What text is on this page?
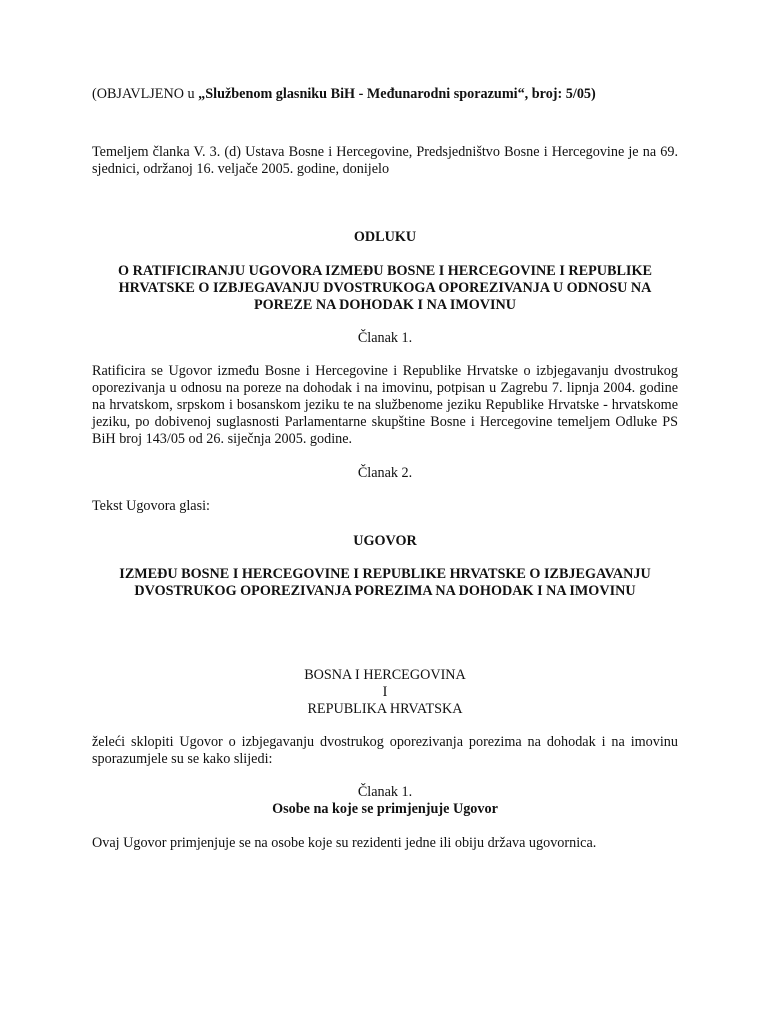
(OBJAVLJENO u „Službenom glasniku BiH - Međunarodni sporazumi“, broj: 5/05)

Temeljem članka V. 3. (d) Ustava Bosne i Hercegovine, Predsjedništvo Bosne i Hercegovine je na 69. sjednici, održanoj 16. veljače 2005. godine, donijelo

ODLUKU

O RATIFICIRANJU UGOVORA IZMEĐU BOSNE I HERCEGOVINE I REPUBLIKE HRVATSKE O IZBJEGAVANJU DVOSTRUKOGA OPOREZIVANJA U ODNOSU NA POREZE NA DOHODAK I NA IMOVINU

Članak 1.

Ratificira se Ugovor između Bosne i Hercegovine i Republike Hrvatske o izbjegavanju dvostrukog oporezivanja u odnosu na poreze na dohodak i na imovinu, potpisan u Zagrebu 7. lipnja 2004. godine na hrvatskom, srpskom i bosanskom jeziku te na službenome jeziku Republike Hrvatske - hrvatskome jeziku, po dobivenoj suglasnosti Parlamentarne skupštine Bosne i Hercegovine temeljem Odluke PS BiH broj 143/05 od 26. siječnja 2005. godine.

Članak 2.

Tekst Ugovora glasi:

UGOVOR

IZMEĐU BOSNE I HERCEGOVINE I REPUBLIKE HRVATSKE O IZBJEGAVANJU DVOSTRUKOG OPOREZIVANJA POREZIMA NA DOHODAK I NA IMOVINU

BOSNA I HERCEGOVINA

I

REPUBLIKA HRVATSKA

želeći sklopiti Ugovor o izbjegavanju dvostrukog oporezivanja porezima na dohodak i na imovinu sporazumjele su se kako slijedi:

Članak 1.

Osobe na koje se primjenjuje Ugovor

Ovaj Ugovor primjenjuje se na osobe koje su rezidenti jedne ili obiju država ugovornica.
